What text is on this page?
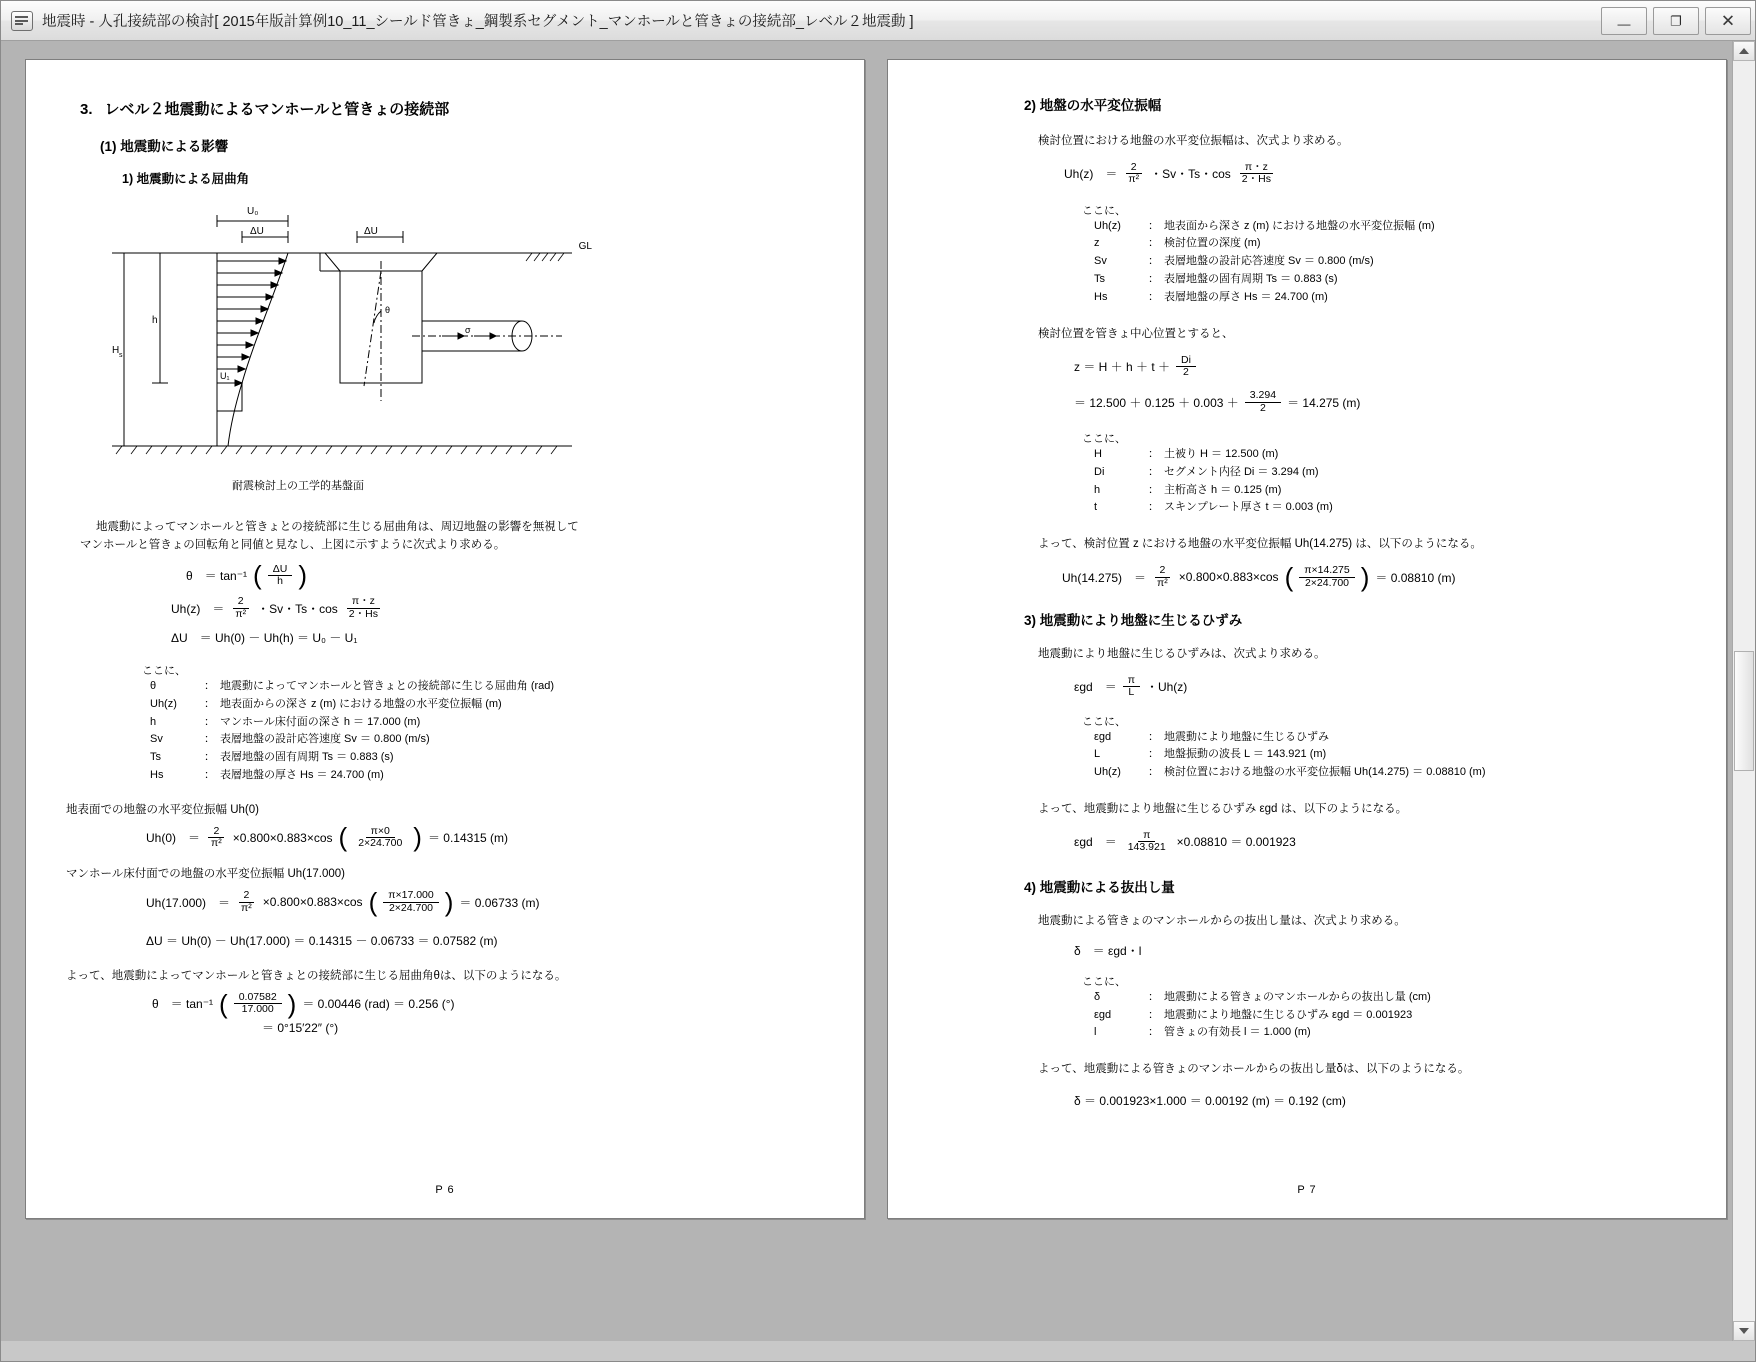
地震時 - 人孔接続部の検討[ 2015年版計算例10_11_シールド管きょ_鋼製系セグメント_マンホールと管きょの接続部_レベル２地震動 ]	—	❐ ✕
3. レベル２地震動によるマンホールと管きょの接続部
(1) 地震動による影響
1) 地震動による屈曲角
GL
U₀
ΔU	ΔU
H s
h
U₁
θ
σ
耐震検討上の工学的基盤面
地震動によってマンホールと管きょとの接続部に生じる屈曲角は、周辺地盤の影響を無視して
マンホールと管きょの回転角と同値と見なし、上図に示すように次式より求める。
θ　＝ tan⁻¹ ( $\frac{\Delta U}{h}$ )
Uh(z)　＝ $\frac{2}{\text{π²}}$ ・Sv・Ts・$\cos \frac{\pi・z}{2・Hs}$
ΔU　＝ Uh(0) － Uh(h) ＝ U₀ － U₁
ここに、
θ	： 地震動によってマンホールと管きょとの接続部に生じる屈曲角 (rad)
Uh(z)	： 地表面からの深さ z (m) における地盤の水平変位振幅 (m)
h	： マンホール床付面の深さ h ＝ 17.000 (m)
Sv	： 表層地盤の設計応答速度 Sv ＝ 0.800 (m/s)
Ts	： 表層地盤の固有周期 Ts ＝ 0.883 (s)
Hs	： 表層地盤の厚さ Hs ＝ 24.700 (m)
地表面での地盤の水平変位振幅 Uh(0)
Uh(0)　＝ $\frac{2}{\text{π²}} \times 0.800\times 0.883\times\cos$ ( $\frac{\pi\times 0}{2\times 24.700}$ ) ＝ 0.14315 (m)
マンホール床付面での地盤の水平変位振幅 Uh(17.000)
Uh(17.000)　＝ $\frac{2}{\text{π²}} \times 0.800\times 0.883\times\cos$ ( $\frac{\pi\times 17.000}{2\times 24.700}$ ) ＝ 0.06733 (m)
ΔU ＝ Uh(0) － Uh(17.000) ＝ 0.14315 － 0.06733 ＝ 0.07582 (m)
よって、地震動によってマンホールと管きょとの接続部に生じる屈曲角θは、以下のようになる。
θ　＝ tan⁻¹ ( $\frac{0.07582}{17.000}$ ) ＝ 0.00446 (rad) ＝ 0.256 (°)
＝ 0°15′22″ (°)
P 6
2) 地盤の水平変位振幅
検討位置における地盤の水平変位振幅は、次式より求める。
Uh(z)　＝ $\frac{2}{\text{π²}}$ ・Sv・Ts・$\cos \frac{\pi・z}{2・Hs}$
ここに、
Uh(z)	： 地表面から深さ z (m) における地盤の水平変位振幅 (m)
z	： 検討位置の深度 (m)
Sv	： 表層地盤の設計応答速度 Sv ＝ 0.800 (m/s)
Ts	： 表層地盤の固有周期 Ts ＝ 0.883 (s)
Hs	： 表層地盤の厚さ Hs ＝ 24.700 (m)
検討位置を管きょ中心位置とすると、
$z = H + h + t + \frac{Di}{2}$
＝ $12.500 + 0.125 + 0.003 + \frac{3.294}{2} = 14.275$ (m)
ここに、
H	： 土被り H ＝ 12.500 (m)
Di	： セグメント内径 Di ＝ 3.294 (m)
h	： 主桁高さ h ＝ 0.125 (m)
t	： スキンプレート厚さ t ＝ 0.003 (m)
よって、検討位置 z における地盤の水平変位振幅 Uh(14.275) は、以下のようになる。
Uh(14.275)　＝ $\frac{2}{\text{π²}} \times 0.800\times 0.883\times\cos$ ( $\frac{\pi\times 14.275}{2\times 24.700}$ ) ＝ 0.08810 (m)
3) 地震動により地盤に生じるひずみ
地震動により地盤に生じるひずみは、次式より求める。
εgd　＝ $\frac{\pi}{L}$ ・Uh(z)
ここに、
εgd	： 地震動により地盤に生じるひずみ
L	： 地盤振動の波長 L ＝ 143.921 (m)
Uh(z)	： 検討位置における地盤の水平変位振幅 Uh(14.275) ＝ 0.08810 (m)
よって、地震動により地盤に生じるひずみ εgd は、以下のようになる。
εgd　＝ $\frac{\pi}{143.921} \times 0.08810 = 0.001923$
4) 地震動による抜出し量
地震動による管きょのマンホールからの抜出し量は、次式より求める。
δ　＝ εgd・l
ここに、
δ	： 地震動による管きょのマンホールからの抜出し量 (cm)
εgd	： 地震動により地盤に生じるひずみ εgd ＝ 0.001923
l	： 管きょの有効長 l ＝ 1.000 (m)
よって、地震動による管きょのマンホールからの抜出し量δは、以下のようになる。
δ ＝ 0.001923×1.000 ＝ 0.00192 (m) ＝ 0.192 (cm)
P 7
